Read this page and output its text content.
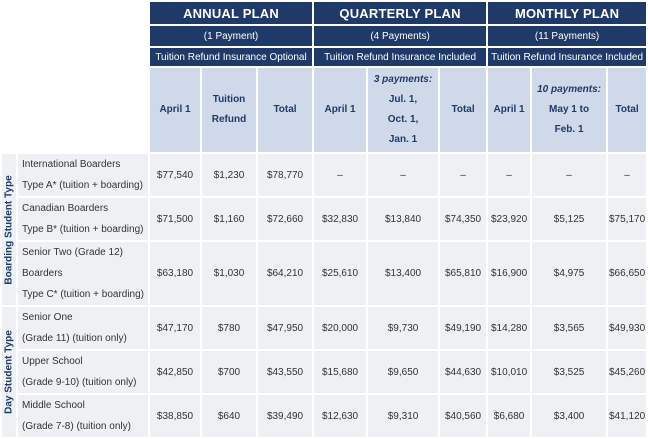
		ANNUAL PLAN			QUARTERLY PLAN			MONTHLY PLAN		
		(1 Payment)			(4 Payments)			(11 Payments)		
		Tuition Refund Insurance Optional			Tuition Refund Insurance Included			Tuition Refund Insurance Included		
		April 1	Tuition
Refund	Total	April 1	3 payments:
Jul. 1,
Oct. 1,
Jan. 1	Total	April 1	10 payments:
May 1 to
Feb. 1	Total

Boarding Student Type	International Boarders
Type A* (tuition + boarding)	$77,540	$1,230	$78,770	–	–	–	–	–	–
	Canadian Boarders
Type B* (tuition + boarding)	$71,500	$1,160	$72,660	$32,830	$13,840	$74,350	$23,920	$5,125	$75,170
	Senior Two (Grade 12)
Boarders
Type C* (tuition + boarding)	$63,180	$1,030	$64,210	$25,610	$13,400	$65,810	$16,900	$4,975	$66,650

Day Student Type	Senior One
(Grade 11) (tuition only)	$47,170	$780	$47,950	$20,000	$9,730	$49,190	$14,280	$3,565	$49,930
	Upper School
(Grade 9-10) (tuition only)	$42,850	$700	$43,550	$15,680	$9,650	$44,630	$10,010	$3,525	$45,260
	Middle School
(Grade 7-8) (tuition only)	$38,850	$640	$39,490	$12,630	$9,310	$40,560	$6,680	$3,400	$41,120
